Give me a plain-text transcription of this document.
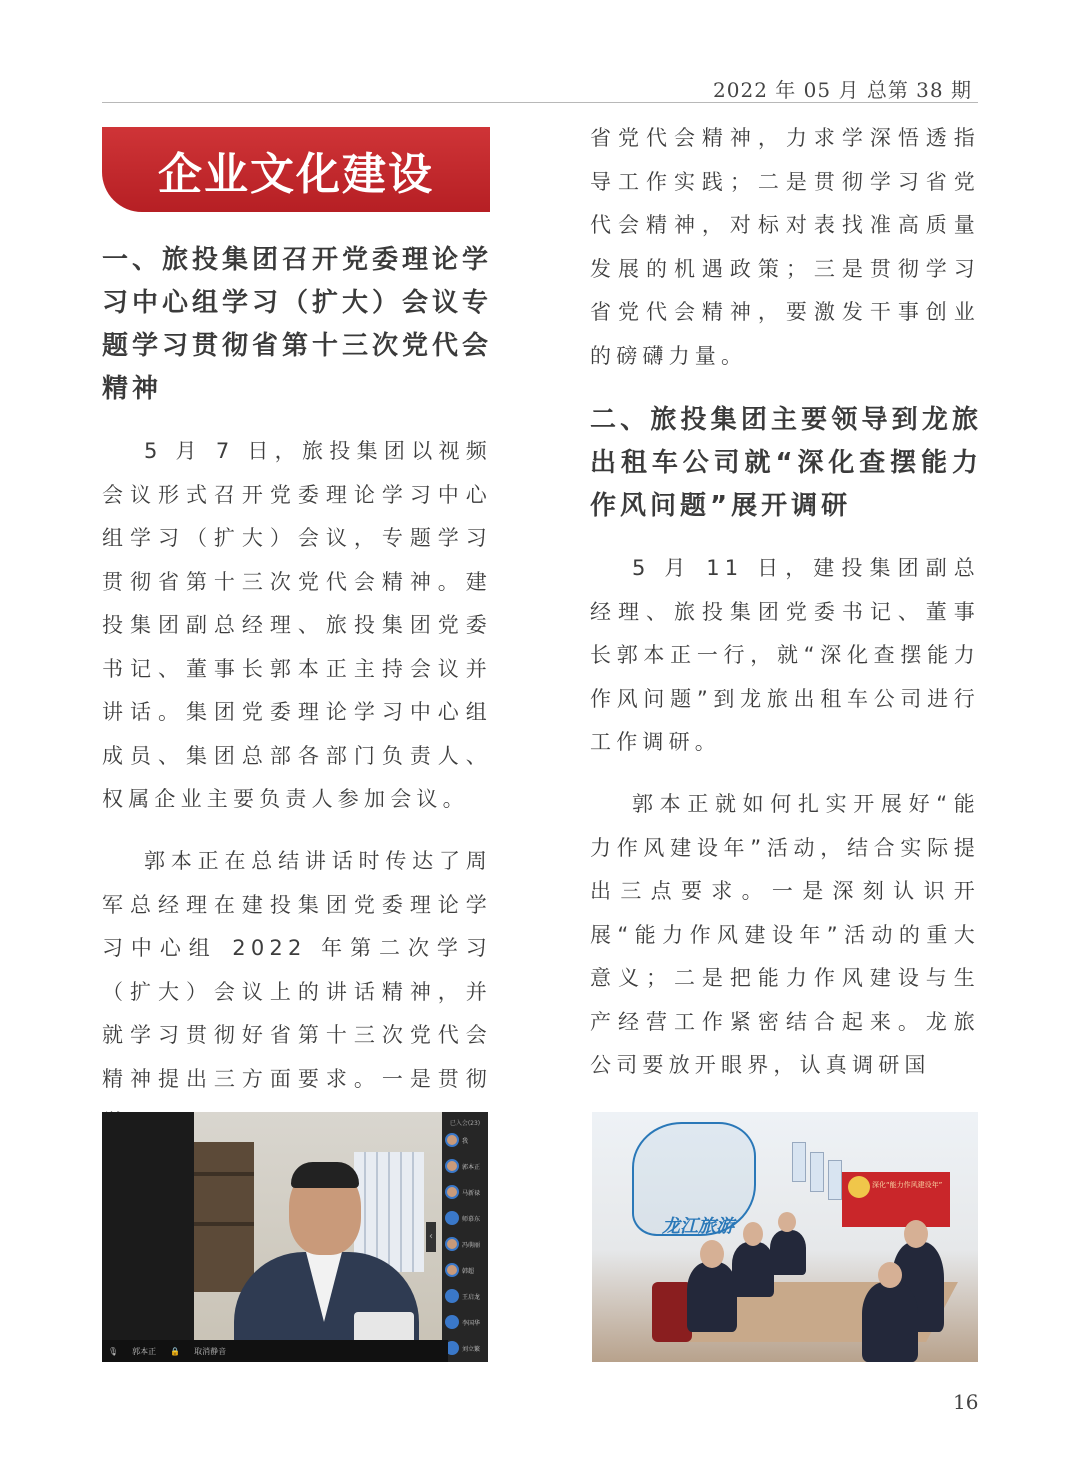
2022 年 05 月 总第 38 期
企业文化建设
一、旅投集团召开党委理论学习中心组学习（扩大）会议专题学习贯彻省第十三次党代会精神

5 月 7 日，旅投集团以视频会议形式召开党委理论学习中心组学习（扩大）会议，专题学习贯彻省第十三次党代会精神。建投集团副总经理、旅投集团党委书记、董事长郭本正主持会议并讲话。集团党委理论学习中心组成员、集团总部各部门负责人、权属企业主要负责人参加会议。

郭本正在总结讲话时传达了周军总经理在建投集团党委理论学习中心组 2022 年第二次学习（扩大）会议上的讲话精神，并就学习贯彻好省第十三次党代会精神提出三方面要求。一是贯彻

省党代会精神，力求学深悟透指导工作实践；二是贯彻学习省党代会精神，对标对表找准高质量发展的机遇政策；三是贯彻学习省党代会精神，要激发干事创业的磅礴力量。

二、旅投集团主要领导到龙旅出租车公司就“深化查摆能力作风问题”展开调研

5 月 11 日，建投集团副总经理、旅投集团党委书记、董事长郭本正一行，就“深化查摆能力作风问题”到龙旅出租车公司进行工作调研。

郭本正就如何扎实开展好“能力作风建设年”活动，结合实际提出三点要求。一是深刻认识开展“能力作风建设年”活动的重大意义；二是把能力作风建设与生产经营工作紧密结合起来。龙旅公司要放开眼界，认真调研国

‹
已入会(23)
我
郭本正
马新禄
师慕东
冯萌丽
韩超
王启龙
李国华
刘立繁
🎙 郭本正 🔒 取消静音
龙江旅游
深化“能力作风建设年”
16
